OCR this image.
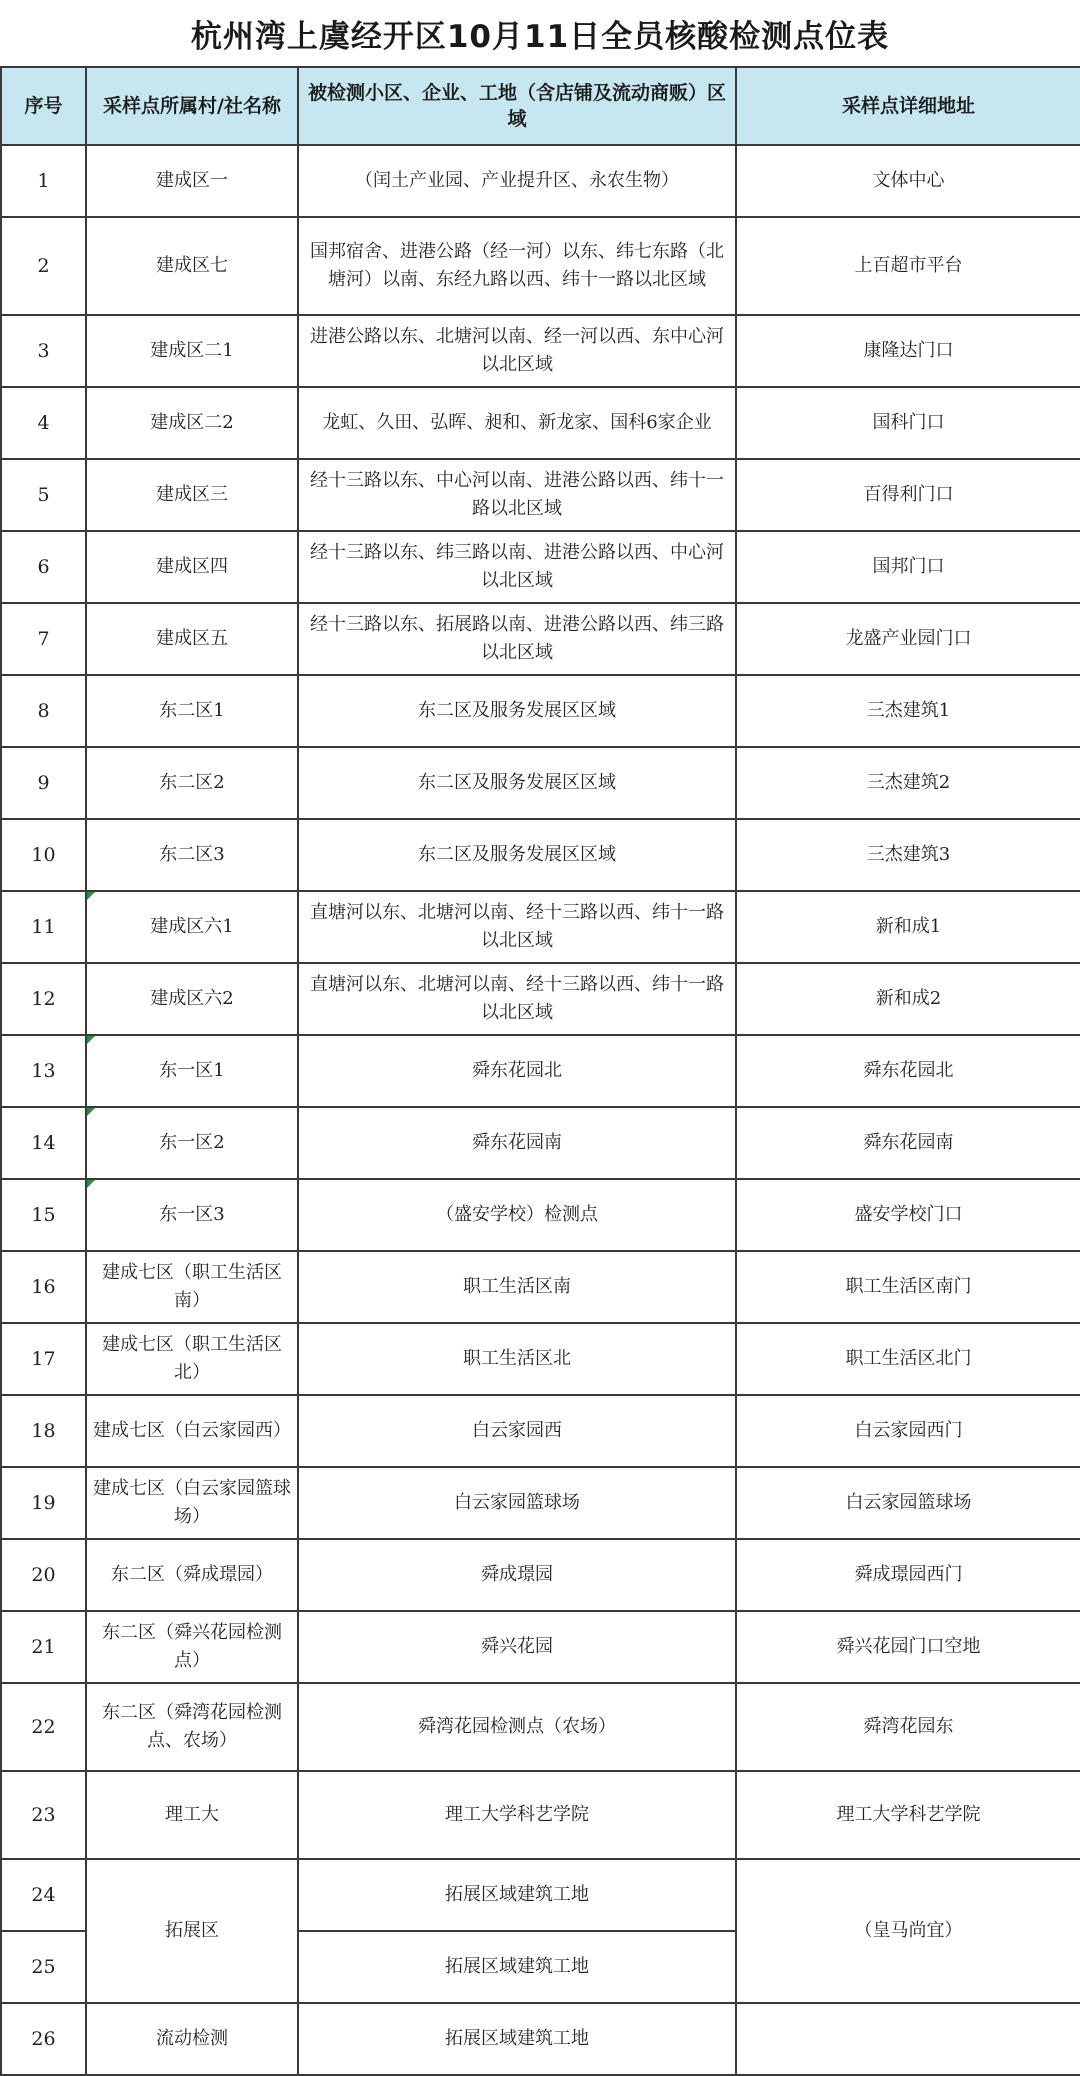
杭州湾上虞经开区10月11日全员核酸检测点位表
序号	采样点所属村/社名称	被检测小区、企业、工地（含店铺及流动商贩）区域	采样点详细地址
1	建成区一	（闰土产业园、产业提升区、永农生物）	文体中心
2	建成区七	国邦宿舍、进港公路（经一河）以东、纬七东路（北塘河）以南、东经九路以西、纬十一路以北区域	上百超市平台
3	建成区二1	进港公路以东、北塘河以南、经一河以西、东中心河以北区域	康隆达门口
4	建成区二2	龙虹、久田、弘晖、昶和、新龙家、国科6家企业	国科门口
5	建成区三	经十三路以东、中心河以南、进港公路以西、纬十一路以北区域	百得利门口
6	建成区四	经十三路以东、纬三路以南、进港公路以西、中心河以北区域	国邦门口
7	建成区五	经十三路以东、拓展路以南、进港公路以西、纬三路以北区域	龙盛产业园门口
8	东二区1	东二区及服务发展区区域	三杰建筑1
9	东二区2	东二区及服务发展区区域	三杰建筑2
10	东二区3	东二区及服务发展区区域	三杰建筑3
11	建成区六1	直塘河以东、北塘河以南、经十三路以西、纬十一路以北区域	新和成1
12	建成区六2	直塘河以东、北塘河以南、经十三路以西、纬十一路以北区域	新和成2
13	东一区1	舜东花园北	舜东花园北
14	东一区2	舜东花园南	舜东花园南
15	东一区3	（盛安学校）检测点	盛安学校门口
16	建成七区（职工生活区南）	职工生活区南	职工生活区南门
17	建成七区（职工生活区北）	职工生活区北	职工生活区北门
18	建成七区（白云家园西）	白云家园西	白云家园西门
19	建成七区（白云家园篮球场）	白云家园篮球场	白云家园篮球场
20	东二区（舜成璟园）	舜成璟园	舜成璟园西门
21	东二区（舜兴花园检测点）	舜兴花园	舜兴花园门口空地
22	东二区（舜湾花园检测点、农场）	舜湾花园检测点（农场）	舜湾花园东
23	理工大	理工大学科艺学院	理工大学科艺学院
24	拓展区	拓展区域建筑工地	（皇马尚宜）
25		拓展区域建筑工地	
26	流动检测	拓展区域建筑工地	
